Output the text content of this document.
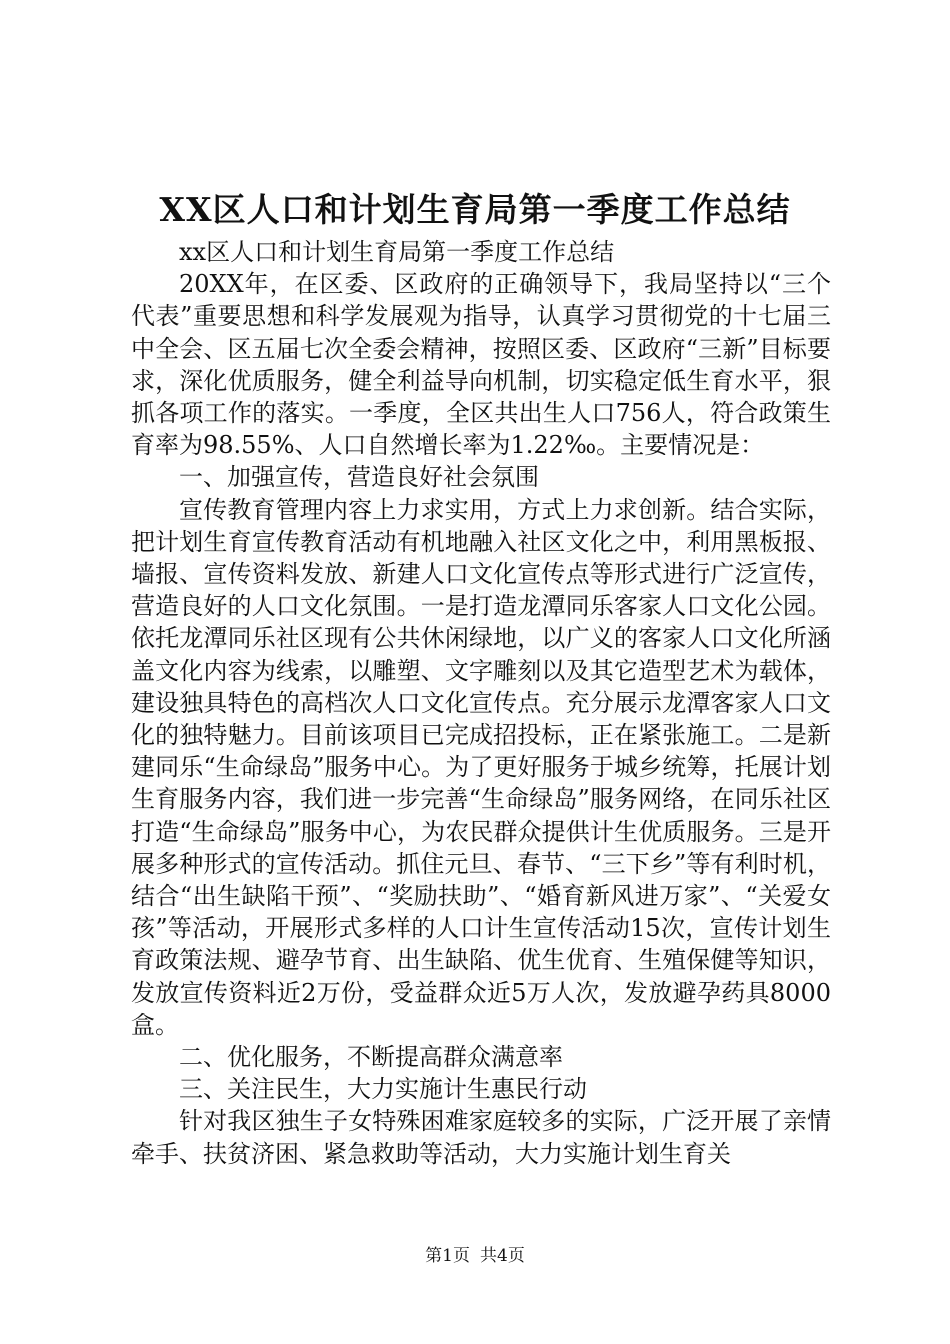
XX区人口和计划生育局第一季度工作总结

xx区人口和计划生育局第一季度工作总结

20XX年，在区委、区政府的正确领导下，我局坚持以“三个代表”重要思想和科学发展观为指导，认真学习贯彻党的十七届三中全会、区五届七次全委会精神，按照区委、区政府“三新”目标要求，深化优质服务，健全利益导向机制，切实稳定低生育水平，狠抓各项工作的落实。一季度，全区共出生人口756人，符合政策生育率为98.55%、人口自然增长率为1.22‰。主要情况是：

一、加强宣传，营造良好社会氛围

宣传教育管理内容上力求实用，方式上力求创新。结合实际，把计划生育宣传教育活动有机地融入社区文化之中，利用黑板报、墙报、宣传资料发放、新建人口文化宣传点等形式进行广泛宣传，营造良好的人口文化氛围。一是打造龙潭同乐客家人口文化公园。依托龙潭同乐社区现有公共休闲绿地，以广义的客家人口文化所涵盖文化内容为线索，以雕塑、文字雕刻以及其它造型艺术为载体，建设独具特色的高档次人口文化宣传点。充分展示龙潭客家人口文化的独特魅力。目前该项目已完成招投标，正在紧张施工。二是新建同乐“生命绿岛”服务中心。为了更好服务于城乡统筹，托展计划生育服务内容，我们进一步完善“生命绿岛”服务网络，在同乐社区打造“生命绿岛”服务中心，为农民群众提供计生优质服务。三是开展多种形式的宣传活动。抓住元旦、春节、“三下乡”等有利时机，结合“出生缺陷干预”、“奖励扶助”、“婚育新风进万家”、“关爱女孩”等活动，开展形式多样的人口计生宣传活动15次，宣传计划生育政策法规、避孕节育、出生缺陷、优生优育、生殖保健等知识，发放宣传资料近2万份，受益群众近5万人次，发放避孕药具8000盒。

二、优化服务，不断提高群众满意率

三、关注民生，大力实施计生惠民行动

针对我区独生子女特殊困难家庭较多的实际，广泛开展了亲情牵手、扶贫济困、紧急救助等活动，大力实施计划生育关

第1页 共4页
